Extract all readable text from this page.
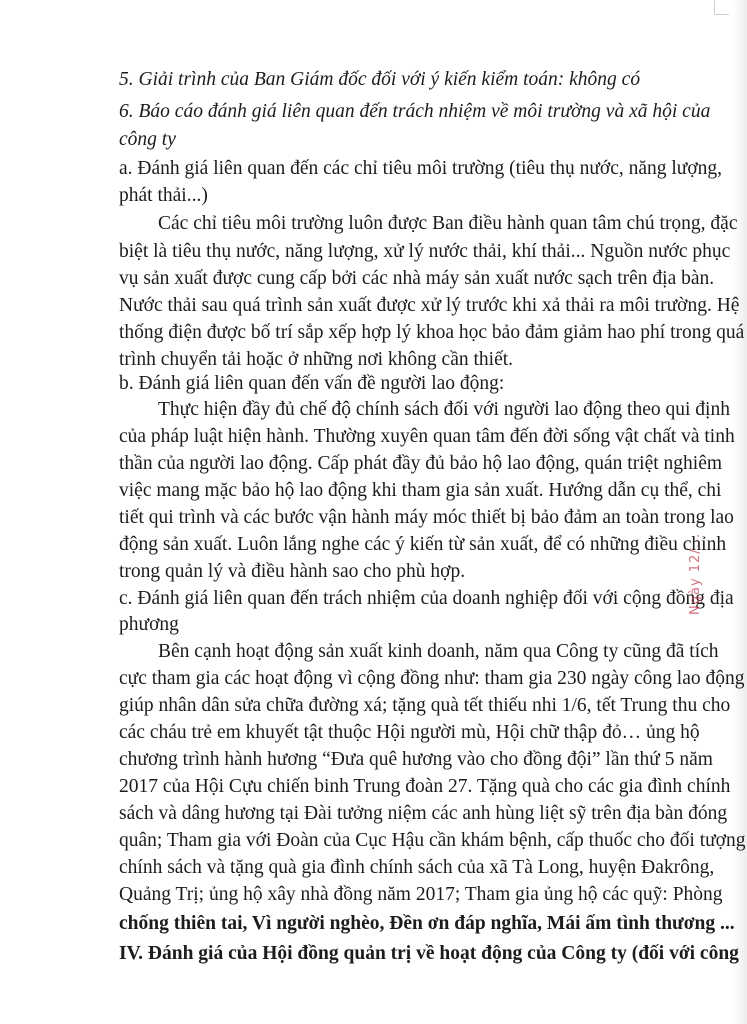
5. Giải trình của Ban Giám đốc đối với ý kiến kiểm toán: không có
6. Báo cáo đánh giá liên quan đến trách nhiệm về môi trường và xã hội của
công ty
a. Đánh giá liên quan đến các chỉ tiêu môi trường (tiêu thụ nước, năng lượng,
phát thải...)
Các chỉ tiêu môi trường luôn được Ban điều hành quan tâm chú trọng, đặc
biệt là tiêu thụ nước, năng lượng, xử lý nước thải, khí thải... Nguồn nước phục
vụ sản xuất được cung cấp bởi các nhà máy sản xuất nước sạch trên địa bàn.
Nước thải sau quá trình sản xuất được xử lý trước khi xả thải ra môi trường. Hệ
thống điện được bố trí sắp xếp hợp lý khoa học bảo đảm giảm hao phí trong quá
trình chuyển tải hoặc ở những nơi không cần thiết.
b. Đánh giá liên quan đến vấn đề người lao động:
Thực hiện đầy đủ chế độ chính sách đối với người lao động theo qui định
của pháp luật hiện hành. Thường xuyên quan tâm đến đời sống vật chất và tinh
thần của người lao động. Cấp phát đầy đủ bảo hộ lao động, quán triệt nghiêm
việc mang mặc bảo hộ lao động khi tham gia sản xuất. Hướng dẫn cụ thể, chi
tiết qui trình và các bước vận hành máy móc thiết bị bảo đảm an toàn trong lao
động sản xuất. Luôn lắng nghe các ý kiến từ sản xuất, để có những điều chỉnh
trong quản lý và điều hành sao cho phù hợp.
c. Đánh giá liên quan đến trách nhiệm của doanh nghiệp đối với cộng đồng địa
phương
Bên cạnh hoạt động sản xuất kinh doanh, năm qua Công ty cũng đã tích
cực tham gia các hoạt động vì cộng đồng như: tham gia 230 ngày công lao động
giúp nhân dân sửa chữa đường xá; tặng quà tết thiếu nhi 1/6, tết Trung thu cho
các cháu trẻ em khuyết tật thuộc Hội người mù, Hội chữ thập đỏ… ủng hộ
chương trình hành hương “Đưa quê hương vào cho đồng đội” lần thứ 5 năm
2017 của Hội Cựu chiến binh Trung đoàn 27. Tặng quà cho các gia đình chính
sách và dâng hương tại Đài tưởng niệm các anh hùng liệt sỹ trên địa bàn đóng
quân; Tham gia với Đoàn của Cục Hậu cần khám bệnh, cấp thuốc cho đối tượng
chính sách và tặng quà gia đình chính sách của xã Tà Long, huyện Đakrông,
Quảng Trị; ủng hộ xây nhà đồng năm 2017; Tham gia ủng hộ các quỹ: Phòng
chống thiên tai, Vì người nghèo, Đền ơn đáp nghĩa, Mái ấm tình thương ...
IV. Đánh giá của Hội đồng quản trị về hoạt động của Công ty (đối với công
Ngày 12/...
